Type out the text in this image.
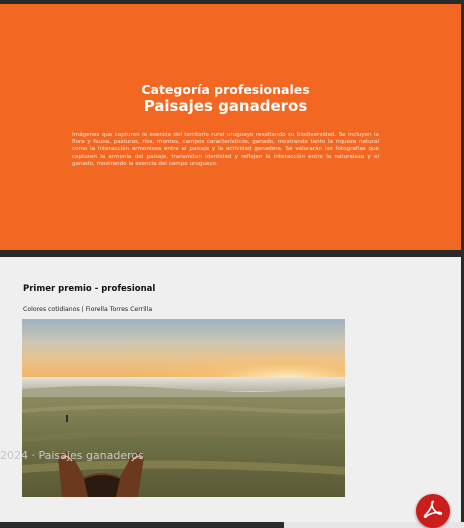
Categoría profesionales
Paisajes ganaderos
Imágenes que capturen la esencia del territorio rural uruguayo resaltando su biodiversidad. Se incluyen la flora y fauna, pasturas, ríos, montes, campos característicos, ganado, mostrando tanto la riqueza natural como la interacción armoniosa entre el paisaje y la actividad ganadera. Se valorarán las fotografías que capturen la armonía del paisaje, transmitan identidad y reflejen la interacción entre la naturaleza y el ganado, mostrando la esencia del campo uruguayo.
Primer premio - profesional
Colores cotidianos | Fiorella Torres Cerrilla
2024 · Paisajes ganaderos
